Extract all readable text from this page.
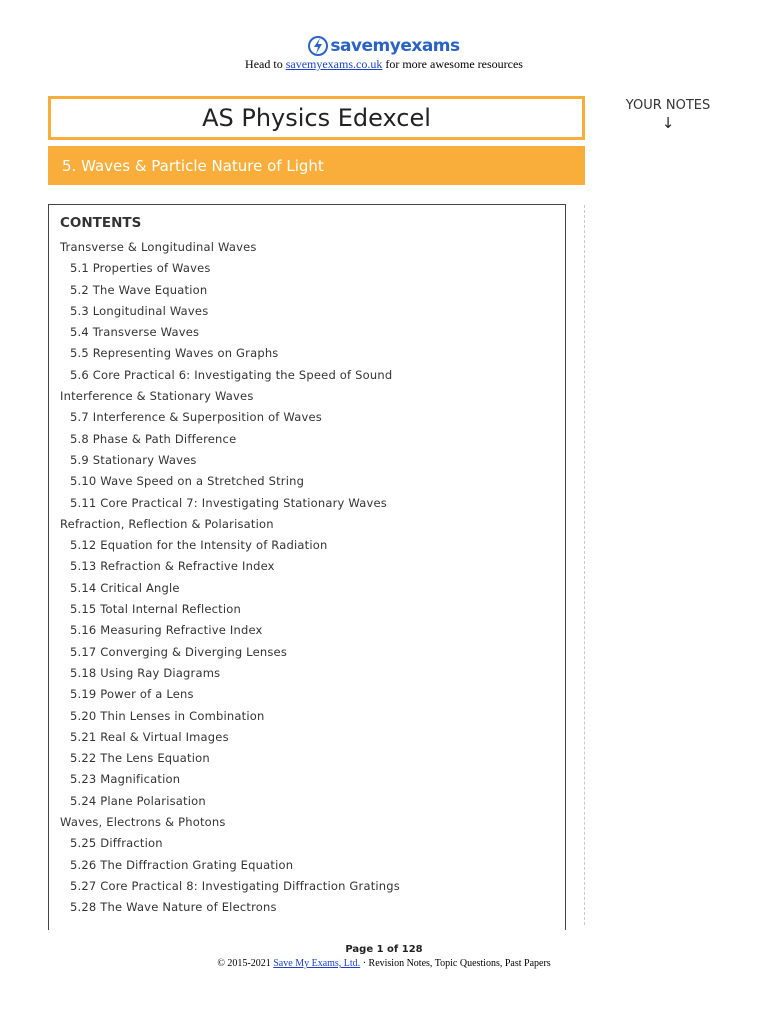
savemyexams
Head to savemyexams.co.uk for more awesome resources
AS Physics Edexcel
5. Waves & Particle Nature of Light
YOUR NOTES
↓
CONTENTS
Transverse & Longitudinal Waves
5.1 Properties of Waves
5.2 The Wave Equation
5.3 Longitudinal Waves
5.4 Transverse Waves
5.5 Representing Waves on Graphs
5.6 Core Practical 6: Investigating the Speed of Sound
Interference & Stationary Waves
5.7 Interference & Superposition of Waves
5.8 Phase & Path Difference
5.9 Stationary Waves
5.10 Wave Speed on a Stretched String
5.11 Core Practical 7: Investigating Stationary Waves
Refraction, Reflection & Polarisation
5.12 Equation for the Intensity of Radiation
5.13 Refraction & Refractive Index
5.14 Critical Angle
5.15 Total Internal Reflection
5.16 Measuring Refractive Index
5.17 Converging & Diverging Lenses
5.18 Using Ray Diagrams
5.19 Power of a Lens
5.20 Thin Lenses in Combination
5.21 Real & Virtual Images
5.22 The Lens Equation
5.23 Magnification
5.24 Plane Polarisation
Waves, Electrons & Photons
5.25 Diffraction
5.26 The Diffraction Grating Equation
5.27 Core Practical 8: Investigating Diffraction Gratings
5.28 The Wave Nature of Electrons
Page 1 of 128
© 2015-2021 Save My Exams, Ltd. · Revision Notes, Topic Questions, Past Papers
